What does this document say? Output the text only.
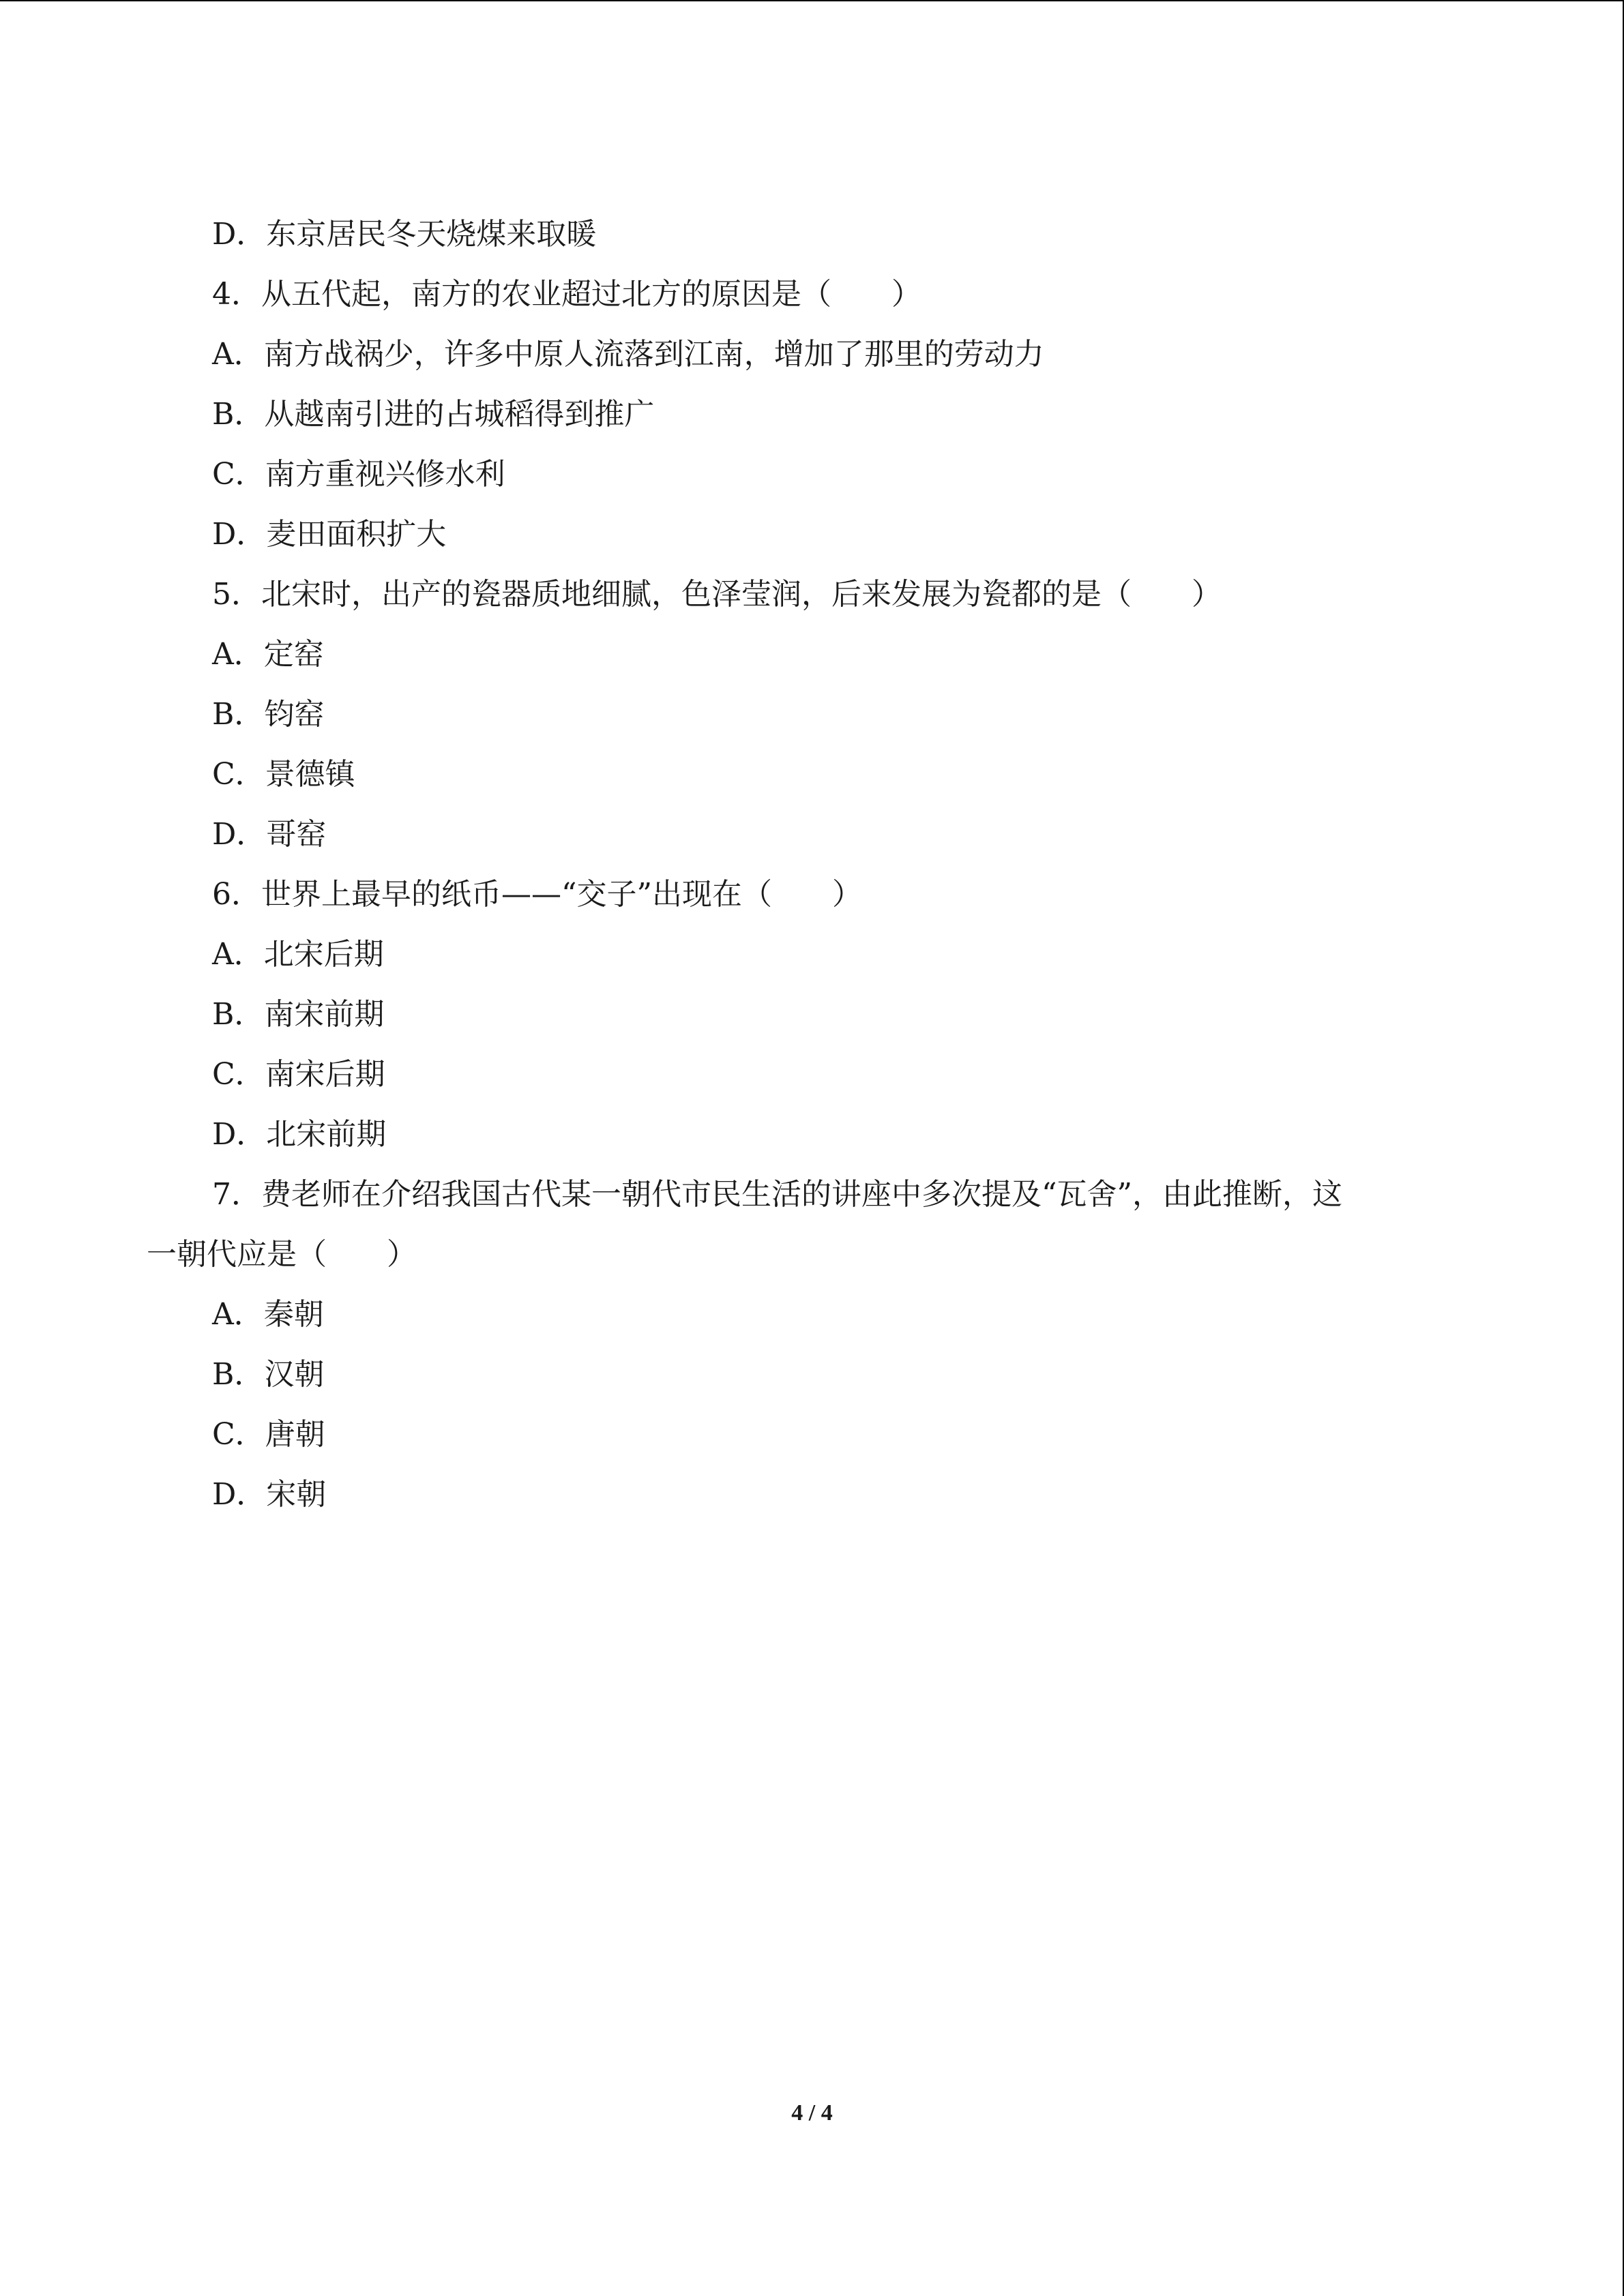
D．东京居民冬天烧煤来取暖
4．从五代起，南方的农业超过北方的原因是（　　）
A．南方战祸少，许多中原人流落到江南，增加了那里的劳动力
B．从越南引进的占城稻得到推广
C．南方重视兴修水利
D．麦田面积扩大
5．北宋时，出产的瓷器质地细腻，色泽莹润，后来发展为瓷都的是（　　）
A．定窑
B．钧窑
C．景德镇
D．哥窑
6．世界上最早的纸币——“交子”出现在（　　）
A．北宋后期
B．南宋前期
C．南宋后期
D．北宋前期
7．费老师在介绍我国古代某一朝代市民生活的讲座中多次提及“瓦舍”，由此推断，这
一朝代应是（　　）
A．秦朝
B．汉朝
C．唐朝
D．宋朝
4 / 4
